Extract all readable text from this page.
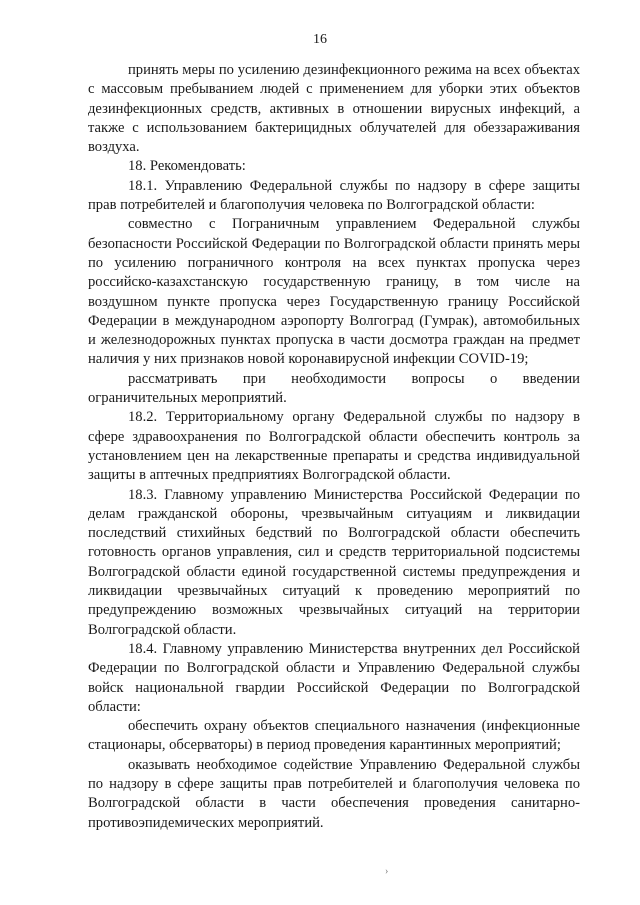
16

принять меры по усилению дезинфекционного режима на всех объектах с массовым пребыванием людей с применением для уборки этих объектов дезинфекционных средств, активных в отношении вирусных инфекций, а также с использованием бактерицидных облучателей для обеззараживания воздуха.

18. Рекомендовать:

18.1. Управлению Федеральной службы по надзору в сфере защиты прав потребителей и благополучия человека по Волгоградской области:

совместно с Пограничным управлением Федеральной службы безопасности Российской Федерации по Волгоградской области принять меры по усилению пограничного контроля на всех пунктах пропуска через российско-казахстанскую государственную границу, в том числе на воздушном пункте пропуска через Государственную границу Российской Федерации в международном аэропорту Волгоград (Гумрак), автомобильных и железнодорожных пунктах пропуска в части досмотра граждан на предмет наличия у них признаков новой коронавирусной инфекции COVID-19;

рассматривать при необходимости вопросы о введении ограничительных мероприятий.

18.2. Территориальному органу Федеральной службы по надзору в сфере здравоохранения по Волгоградской области обеспечить контроль за установлением цен на лекарственные препараты и средства индивидуальной защиты в аптечных предприятиях Волгоградской области.

18.3. Главному управлению Министерства Российской Федерации по делам гражданской обороны, чрезвычайным ситуациям и ликвидации последствий стихийных бедствий по Волгоградской области обеспечить готовность органов управления, сил и средств территориальной подсистемы Волгоградской области единой государственной системы предупреждения и ликвидации чрезвычайных ситуаций к проведению мероприятий по предупреждению возможных чрезвычайных ситуаций на территории Волгоградской области.

18.4. Главному управлению Министерства внутренних дел Российской Федерации по Волгоградской области и Управлению Федеральной службы войск национальной гвардии Российской Федерации по Волгоградской области:

обеспечить охрану объектов специального назначения (инфекционные стационары, обсерваторы) в период проведения карантинных мероприятий;

оказывать необходимое содействие Управлению Федеральной службы по надзору в сфере защиты прав потребителей и благополучия человека по Волгоградской области в части обеспечения проведения санитарно-противоэпидемических мероприятий.

›
